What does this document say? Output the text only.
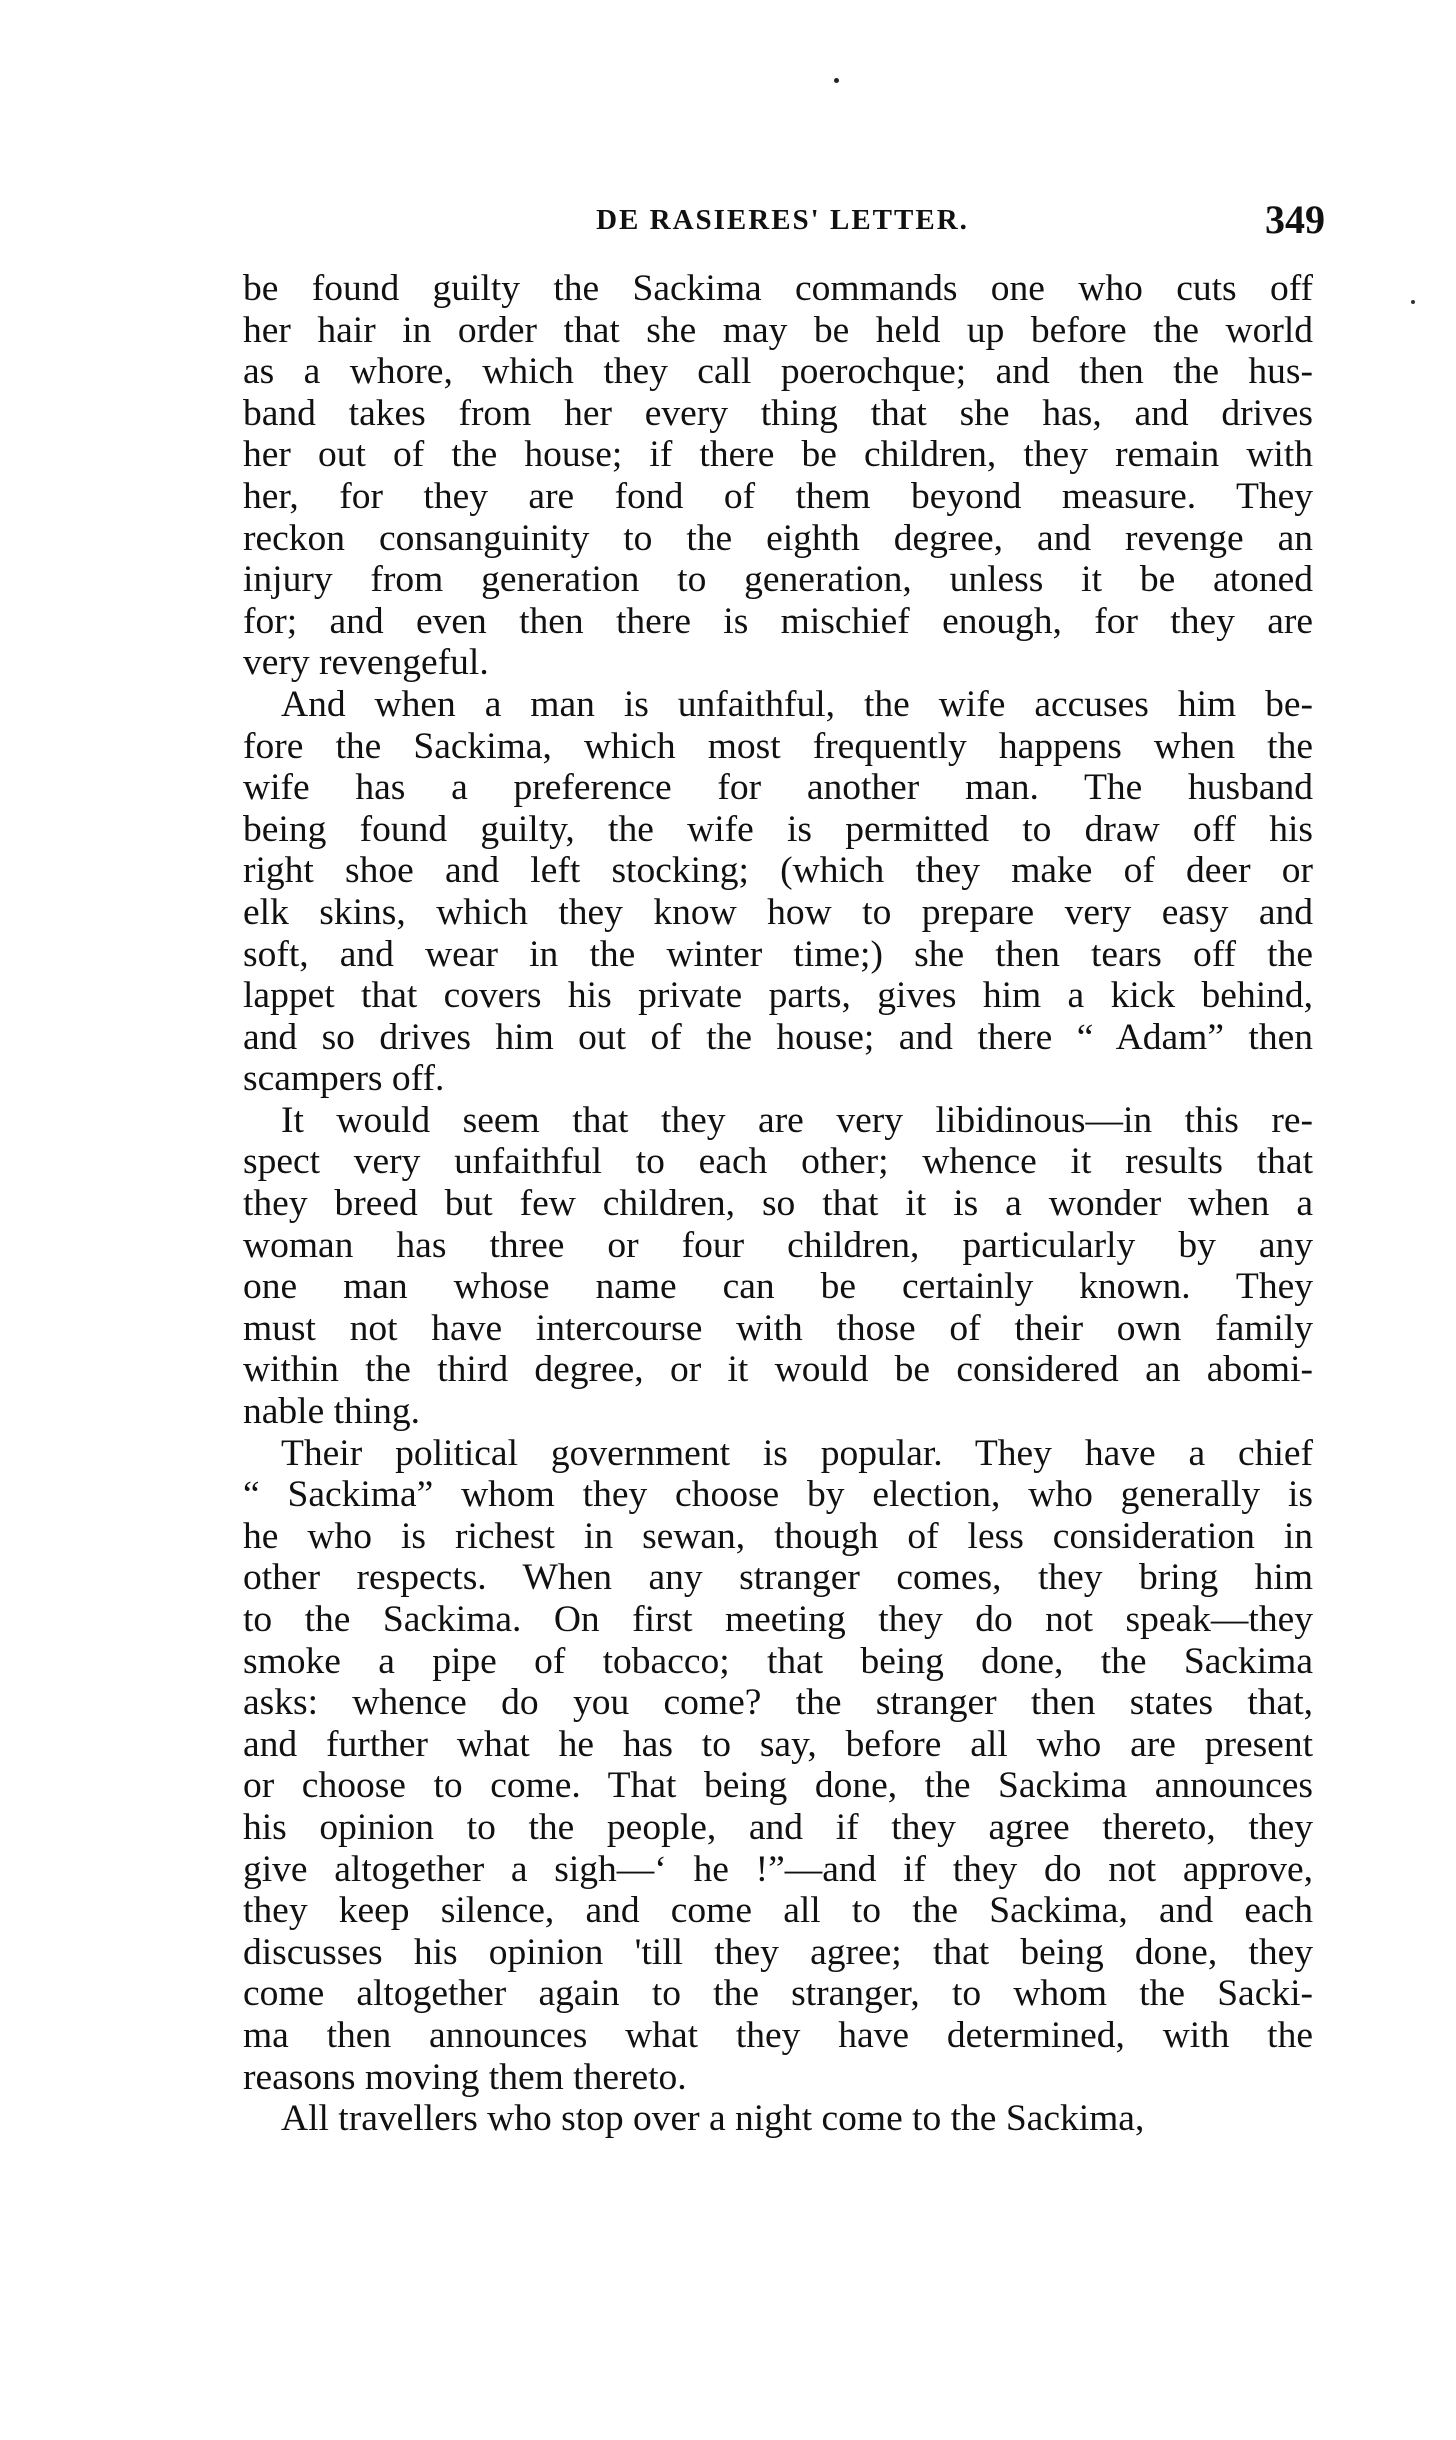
DE RASIERES' LETTER.	349

be found guilty the Sackima commands one who cuts off

her hair in order that she may be held up before the world

as a whore, which they call poerochque; and then the hus-

band takes from her every thing that she has, and drives

her out of the house; if there be children, they remain with

her, for they are fond of them beyond measure. They

reckon consanguinity to the eighth degree, and revenge an

injury from generation to generation, unless it be atoned

for; and even then there is mischief enough, for they are

very revengeful.

And when a man is unfaithful, the wife accuses him be-

fore the Sackima, which most frequently happens when the

wife has a preference for another man. The husband

being found guilty, the wife is permitted to draw off his

right shoe and left stocking; (which they make of deer or

elk skins, which they know how to prepare very easy and

soft, and wear in the winter time;) she then tears off the

lappet that covers his private parts, gives him a kick behind,

and so drives him out of the house; and there “ Adam” then

scampers off.

It would seem that they are very libidinous—in this re-

spect very unfaithful to each other; whence it results that

they breed but few children, so that it is a wonder when a

woman has three or four children, particularly by any

one man whose name can be certainly known. They

must not have intercourse with those of their own family

within the third degree, or it would be considered an abomi-

nable thing.

Their political government is popular. They have a chief

“ Sackima” whom they choose by election, who generally is

he who is richest in sewan, though of less consideration in

other respects. When any stranger comes, they bring him

to the Sackima. On first meeting they do not speak—they

smoke a pipe of tobacco; that being done, the Sackima

asks: whence do you come? the stranger then states that,

and further what he has to say, before all who are present

or choose to come. That being done, the Sackima announces

his opinion to the people, and if they agree thereto, they

give altogether a sigh—‘ he !”—and if they do not approve,

they keep silence, and come all to the Sackima, and each

discusses his opinion 'till they agree; that being done, they

come altogether again to the stranger, to whom the Sacki-

ma then announces what they have determined, with the

reasons moving them thereto.

All travellers who stop over a night come to the Sackima,
